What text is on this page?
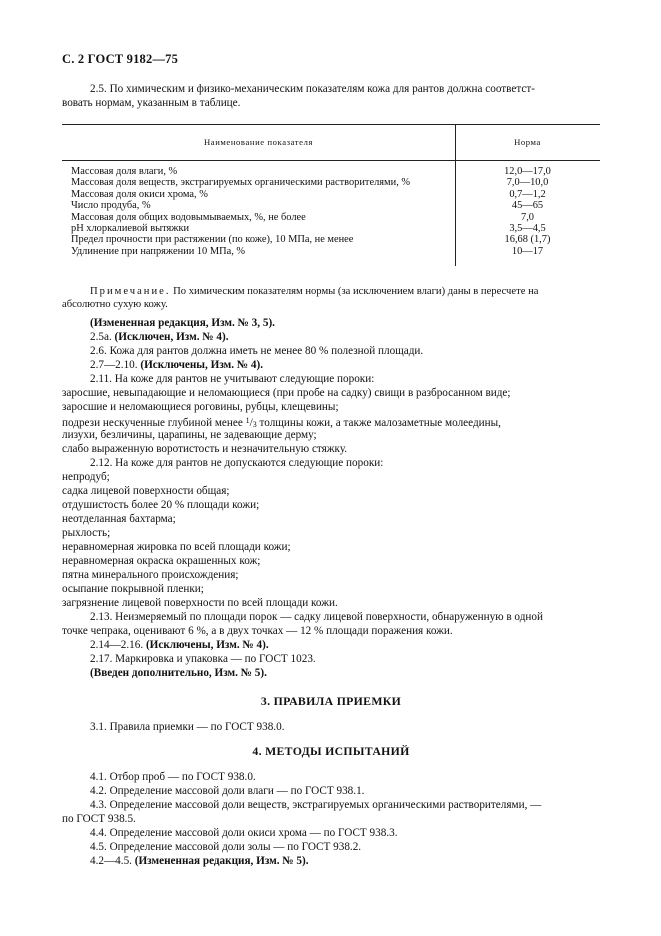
С. 2 ГОСТ 9182—75
2.5. По химическим и физико-механическим показателям кожа для рантов должна соответст-
вовать нормам, указанным в таблице.
Наименование показателя	Норма
Массовая доля влаги, %	12,0—17,0
Массовая доля веществ, экстрагируемых органическими растворителями, %	7,0—10,0
Массовая доля окиси хрома, %	0,7—1,2
Число продуба, %	45—65
Массовая доля общих водовымываемых, %, не более	7,0
pH хлоркалиевой вытяжки	3,5—4,5
Предел прочности при растяжении (по коже), 10 МПа, не менее	16,68 (1,7)
Удлинение при напряжении 10 МПа, %	10—17
Примечание. По химическим показателям нормы (за исключением влаги) даны в пересчете на
абсолютно сухую кожу.
(Измененная редакция, Изм. № 3, 5).
2.5а. (Исключен, Изм. № 4).
2.6. Кожа для рантов должна иметь не менее 80 % полезной площади.
2.7—2.10. (Исключены, Изм. № 4).
2.11. На коже для рантов не учитывают следующие пороки:
заросшие, невыпадающие и неломающиеся (при пробе на садку) свищи в разбросанном виде;
заросшие и неломающиеся роговины, рубцы, клещевины;
подрези нескученные глубиной менее $^1$/3 толщины кожи, а также малозаметные молеедины,
лизухи, безличины, царапины, не задевающие дерму;
слабо выраженную воротистость и незначительную стяжку.
2.12. На коже для рантов не допускаются следующие пороки:
непродуб;
садка лицевой поверхности общая;
отдушистость более 20 % площади кожи;
неотделанная бахтарма;
рыхлость;
неравномерная жировка по всей площади кожи;
неравномерная окраска окрашенных кож;
пятна минерального происхождения;
осыпание покрывной пленки;
загрязнение лицевой поверхности по всей площади кожи.
2.13. Неизмеряемый по площади порок — садку лицевой поверхности, обнаруженную в одной
точке чепрака, оценивают 6 %, а в двух точках — 12 % площади поражения кожи.
2.14—2.16. (Исключены, Изм. № 4).
2.17. Маркировка и упаковка — по ГОСТ 1023.
(Введен дополнительно, Изм. № 5).
3. ПРАВИЛА ПРИЕМКИ
3.1. Правила приемки — по ГОСТ 938.0.
4. МЕТОДЫ ИСПЫТАНИЙ
4.1. Отбор проб — по ГОСТ 938.0.
4.2. Определение массовой доли влаги — по ГОСТ 938.1.
4.3. Определение массовой доли веществ, экстрагируемых органическими растворителями, —
по ГОСТ 938.5.
4.4. Определение массовой доли окиси хрома — по ГОСТ 938.3.
4.5. Определение массовой доли золы — по ГОСТ 938.2.
4.2—4.5. (Измененная редакция, Изм. № 5).
